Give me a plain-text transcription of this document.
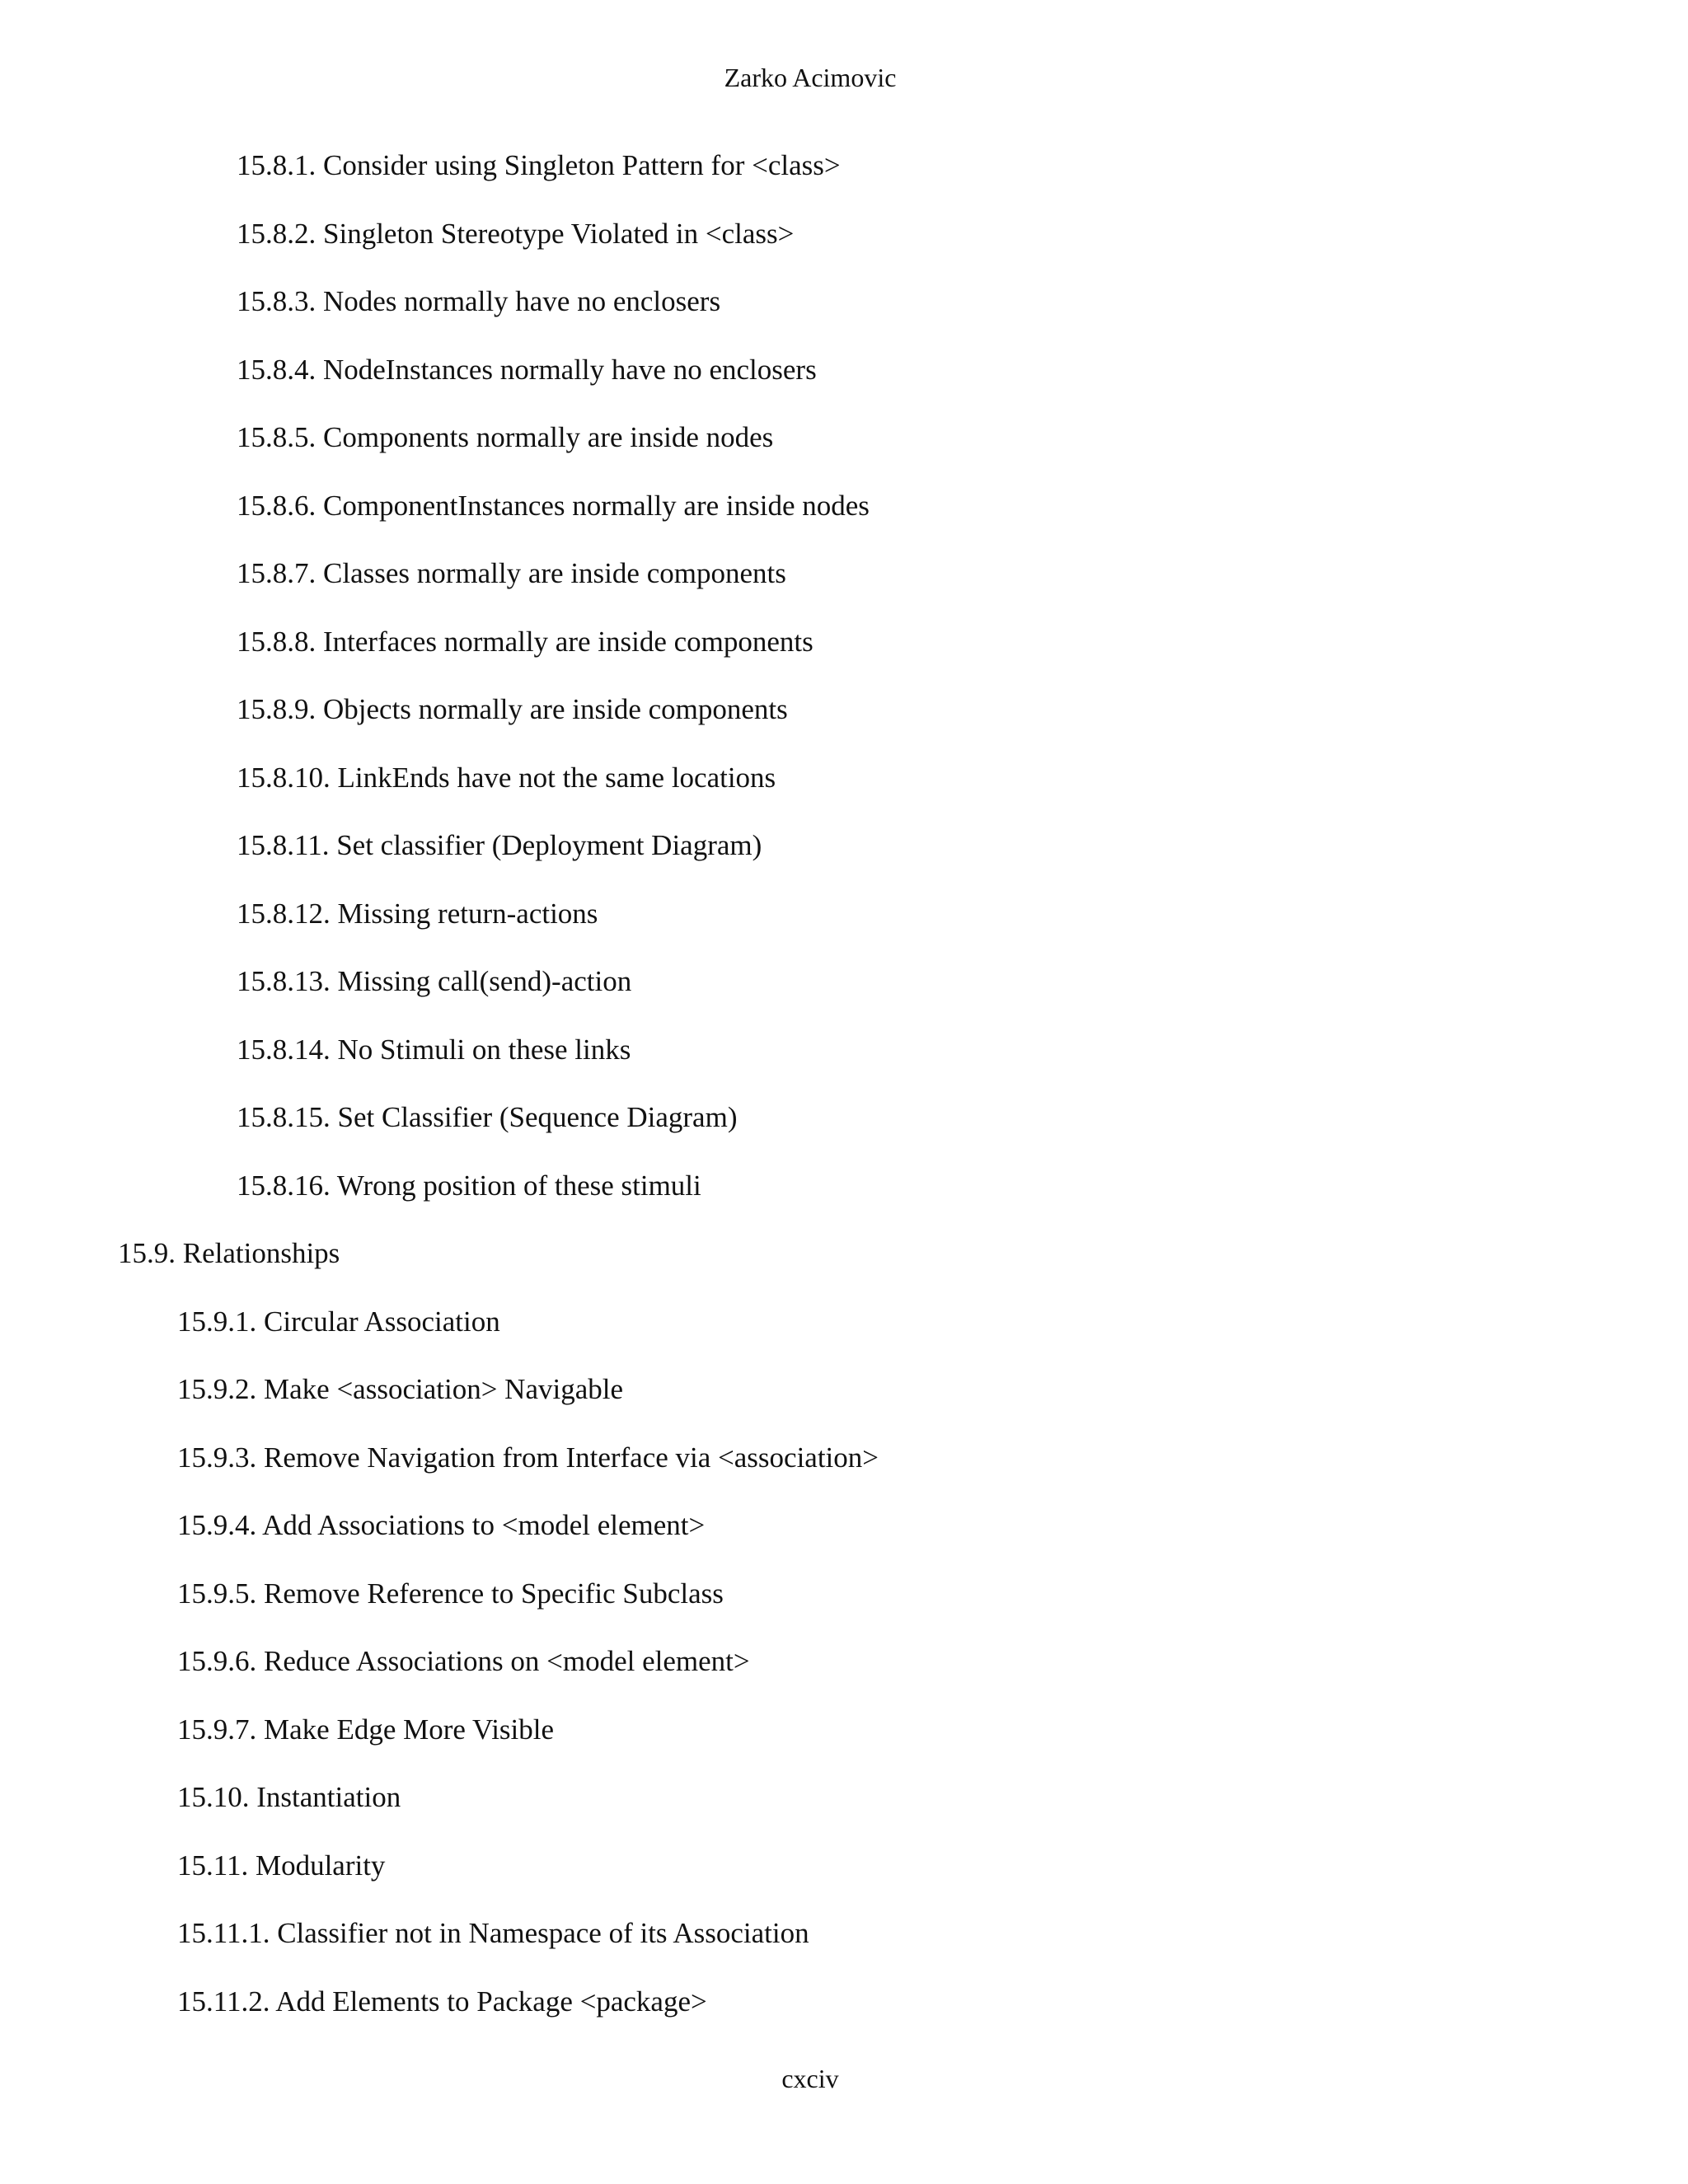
Zarko Acimovic
15.8.1. Consider using Singleton Pattern for <class>
15.8.2. Singleton Stereotype Violated in <class>
15.8.3. Nodes normally have no enclosers
15.8.4. NodeInstances normally have no enclosers
15.8.5. Components normally are inside nodes
15.8.6. ComponentInstances normally are inside nodes
15.8.7. Classes normally are inside components
15.8.8. Interfaces normally are inside components
15.8.9. Objects normally are inside components
15.8.10. LinkEnds have not the same locations
15.8.11. Set classifier (Deployment Diagram)
15.8.12. Missing return-actions
15.8.13. Missing call(send)-action
15.8.14. No Stimuli on these links
15.8.15. Set Classifier (Sequence Diagram)
15.8.16. Wrong position of these stimuli
15.9. Relationships
15.9.1. Circular Association
15.9.2. Make <association> Navigable
15.9.3. Remove Navigation from Interface via <association>
15.9.4. Add Associations to <model element>
15.9.5. Remove Reference to Specific Subclass
15.9.6. Reduce Associations on <model element>
15.9.7. Make Edge More Visible
15.10. Instantiation
15.11. Modularity
15.11.1. Classifier not in Namespace of its Association
15.11.2. Add Elements to Package <package>
cxciv
